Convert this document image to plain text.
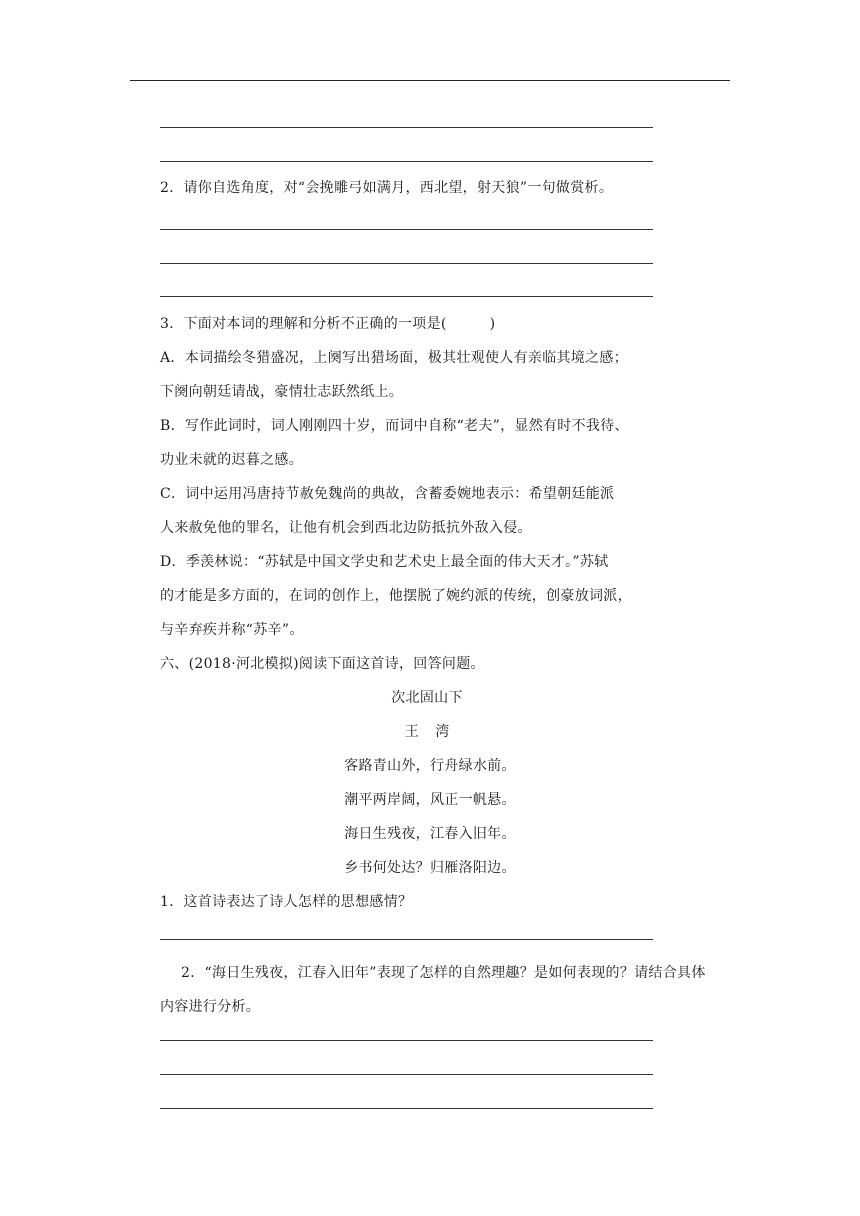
2．请你自选角度，对“会挽雕弓如满月，西北望，射天狼”一句做赏析。
3．下面对本词的理解和分析不正确的一项是(　　　)
A．本词描绘冬猎盛况，上阕写出猎场面，极其壮观使人有亲临其境之感；
下阕向朝廷请战，豪情壮志跃然纸上。
B．写作此词时，词人刚刚四十岁，而词中自称“老夫”，显然有时不我待、
功业未就的迟暮之感。
C．词中运用冯唐持节赦免魏尚的典故，含蓄委婉地表示：希望朝廷能派
人来赦免他的罪名，让他有机会到西北边防抵抗外敌入侵。
D．季羡林说：“苏轼是中国文学史和艺术史上最全面的伟大天才。”苏轼
的才能是多方面的，在词的创作上，他摆脱了婉约派的传统，创豪放词派，
与辛弃疾并称“苏辛”。
六、(2018·河北模拟)阅读下面这首诗，回答问题。
次北固山下
王 湾
客路青山外，行舟绿水前。
潮平两岸阔，风正一帆悬。
海日生残夜，江春入旧年。
乡书何处达？归雁洛阳边。
1．这首诗表达了诗人怎样的思想感情？
2．“海日生残夜，江春入旧年”表现了怎样的自然理趣？是如何表现的？请结合具体
内容进行分析。
